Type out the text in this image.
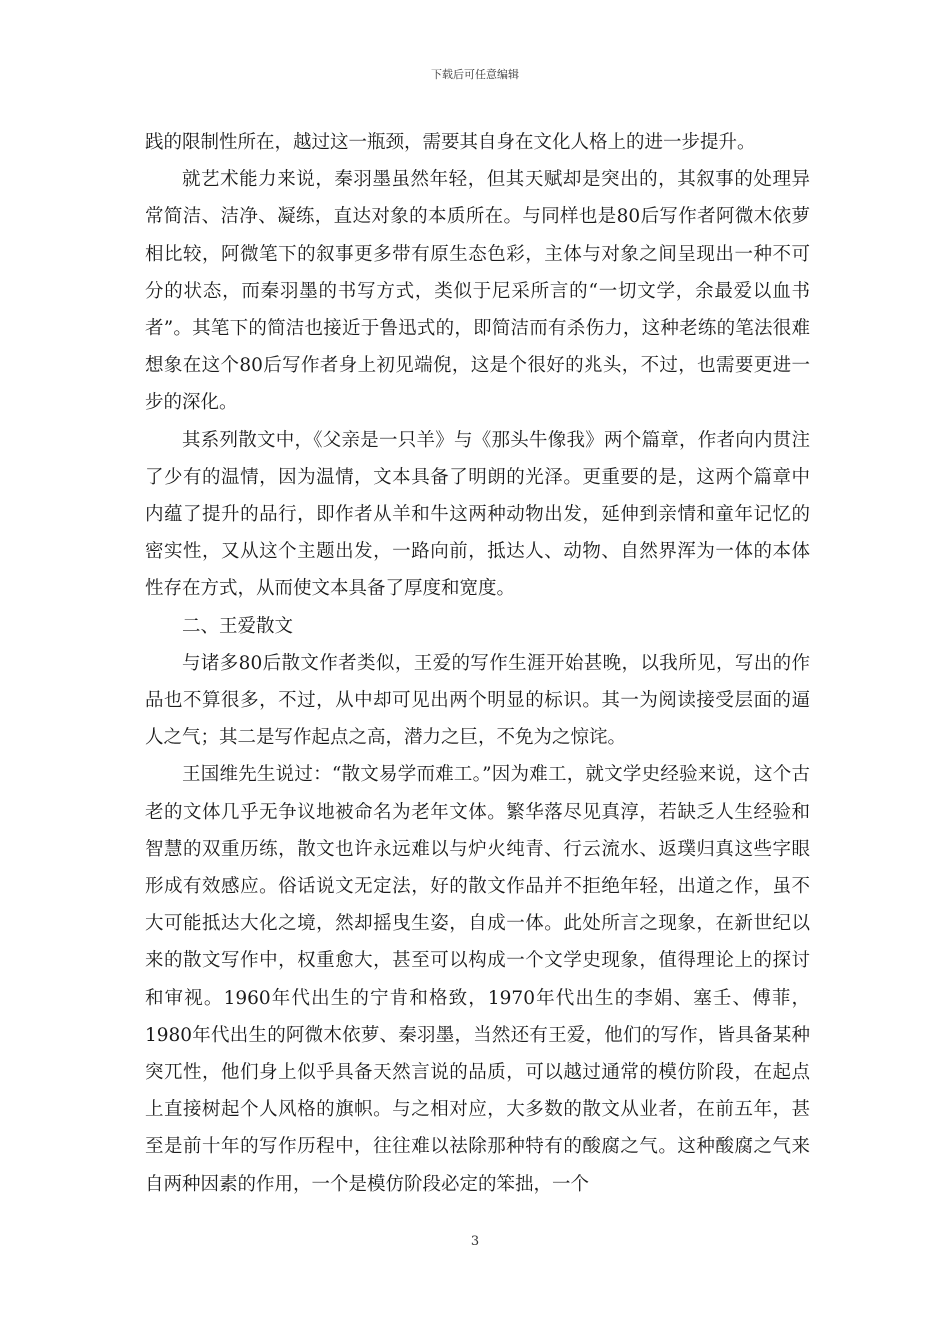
下载后可任意编辑

践的限制性所在，越过这一瓶颈，需要其自身在文化人格上的进一步提升。

就艺术能力来说，秦羽墨虽然年轻，但其天赋却是突出的，其叙事的处理异常简洁、洁净、凝练，直达对象的本质所在。与同样也是80后写作者阿微木依萝相比较，阿微笔下的叙事更多带有原生态色彩，主体与对象之间呈现出一种不可分的状态，而秦羽墨的书写方式，类似于尼采所言的“一切文学，余最爱以血书者”。其笔下的简洁也接近于鲁迅式的，即简洁而有杀伤力，这种老练的笔法很难想象在这个80后写作者身上初见端倪，这是个很好的兆头，不过，也需要更进一步的深化。

其系列散文中，《父亲是一只羊》与《那头牛像我》两个篇章，作者向内贯注了少有的温情，因为温情，文本具备了明朗的光泽。更重要的是，这两个篇章中内蕴了提升的品行，即作者从羊和牛这两种动物出发，延伸到亲情和童年记忆的密实性，又从这个主题出发，一路向前，抵达人、动物、自然界浑为一体的本体性存在方式，从而使文本具备了厚度和宽度。

二、王爱散文

与诸多80后散文作者类似，王爱的写作生涯开始甚晚，以我所见，写出的作品也不算很多，不过，从中却可见出两个明显的标识。其一为阅读接受层面的逼人之气；其二是写作起点之高，潜力之巨，不免为之惊诧。

王国维先生说过：“散文易学而难工。”因为难工，就文学史经验来说，这个古老的文体几乎无争议地被命名为老年文体。繁华落尽见真淳，若缺乏人生经验和智慧的双重历练，散文也许永远难以与炉火纯青、行云流水、返璞归真这些字眼形成有效感应。俗话说文无定法，好的散文作品并不拒绝年轻，出道之作，虽不大可能抵达大化之境，然却摇曳生姿，自成一体。此处所言之现象，在新世纪以来的散文写作中，权重愈大，甚至可以构成一个文学史现象，值得理论上的探讨和审视。1960年代出生的宁肯和格致，1970年代出生的李娟、塞壬、傅菲，1980年代出生的阿微木依萝、秦羽墨，当然还有王爱，他们的写作，皆具备某种突兀性，他们身上似乎具备天然言说的品质，可以越过通常的模仿阶段，在起点上直接树起个人风格的旗帜。与之相对应，大多数的散文从业者，在前五年，甚至是前十年的写作历程中，往往难以祛除那种特有的酸腐之气。这种酸腐之气来自两种因素的作用，一个是模仿阶段必定的笨拙，一个

3
